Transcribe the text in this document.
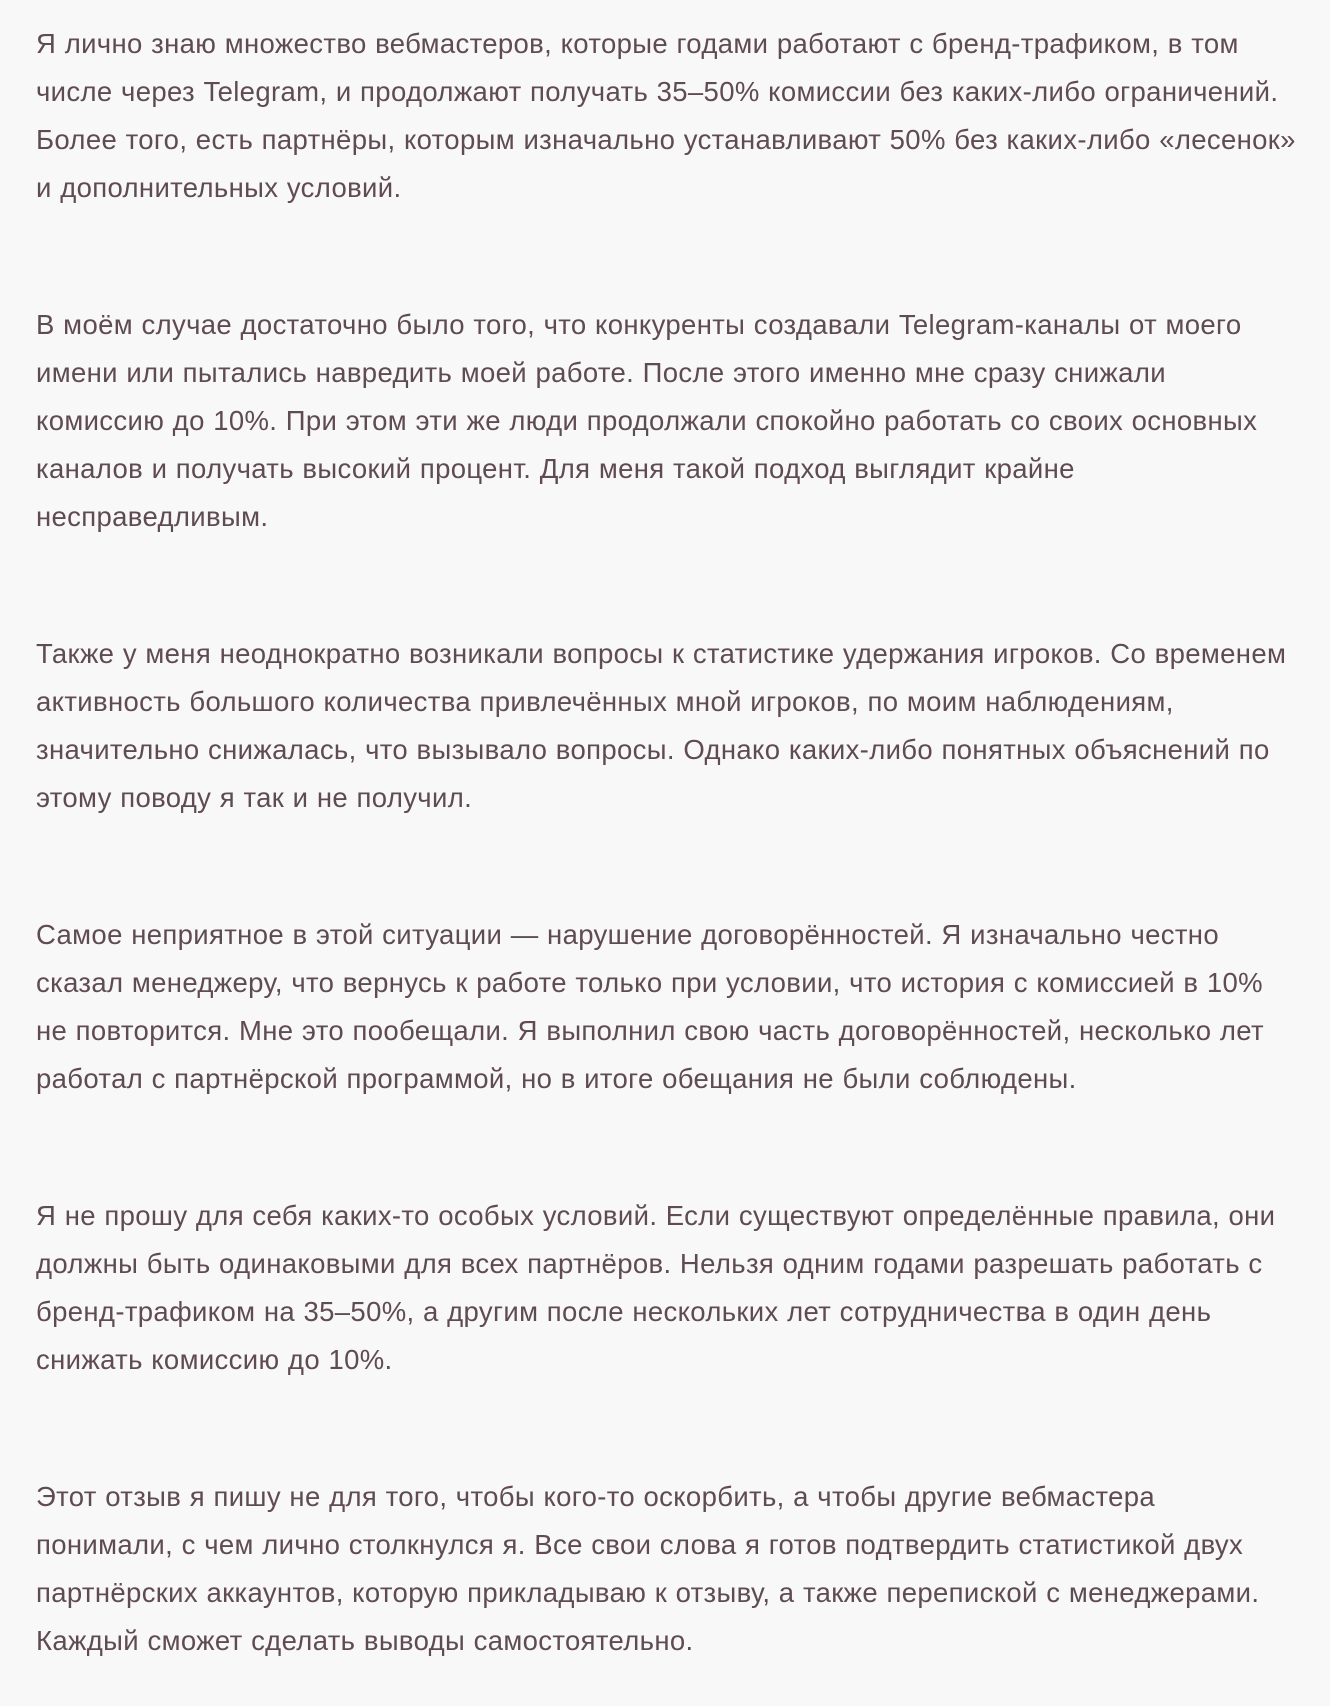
Я лично знаю множество вебмастеров, которые годами работают с бренд-трафиком, в том числе через Telegram, и продолжают получать 35–50% комиссии без каких-либо ограничений. Более того, есть партнёры, которым изначально устанавливают 50% без каких-либо «лесенок» и дополнительных условий.

В моём случае достаточно было того, что конкуренты создавали Telegram-каналы от моего имени или пытались навредить моей работе. После этого именно мне сразу снижали комиссию до 10%. При этом эти же люди продолжали спокойно работать со своих основных каналов и получать высокий процент. Для меня такой подход выглядит крайне несправедливым.

Также у меня неоднократно возникали вопросы к статистике удержания игроков. Со временем активность большого количества привлечённых мной игроков, по моим наблюдениям, значительно снижалась, что вызывало вопросы. Однако каких-либо понятных объяснений по этому поводу я так и не получил.

Самое неприятное в этой ситуации — нарушение договорённостей. Я изначально честно сказал менеджеру, что вернусь к работе только при условии, что история с комиссией в 10% не повторится. Мне это пообещали. Я выполнил свою часть договорённостей, несколько лет работал с партнёрской программой, но в итоге обещания не были соблюдены.

Я не прошу для себя каких-то особых условий. Если существуют определённые правила, они должны быть одинаковыми для всех партнёров. Нельзя одним годами разрешать работать с бренд-трафиком на 35–50%, а другим после нескольких лет сотрудничества в один день снижать комиссию до 10%.

Этот отзыв я пишу не для того, чтобы кого-то оскорбить, а чтобы другие вебмастера понимали, с чем лично столкнулся я. Все свои слова я готов подтвердить статистикой двух партнёрских аккаунтов, которую прикладываю к отзыву, а также перепиской с менеджерами. Каждый сможет сделать выводы самостоятельно.
